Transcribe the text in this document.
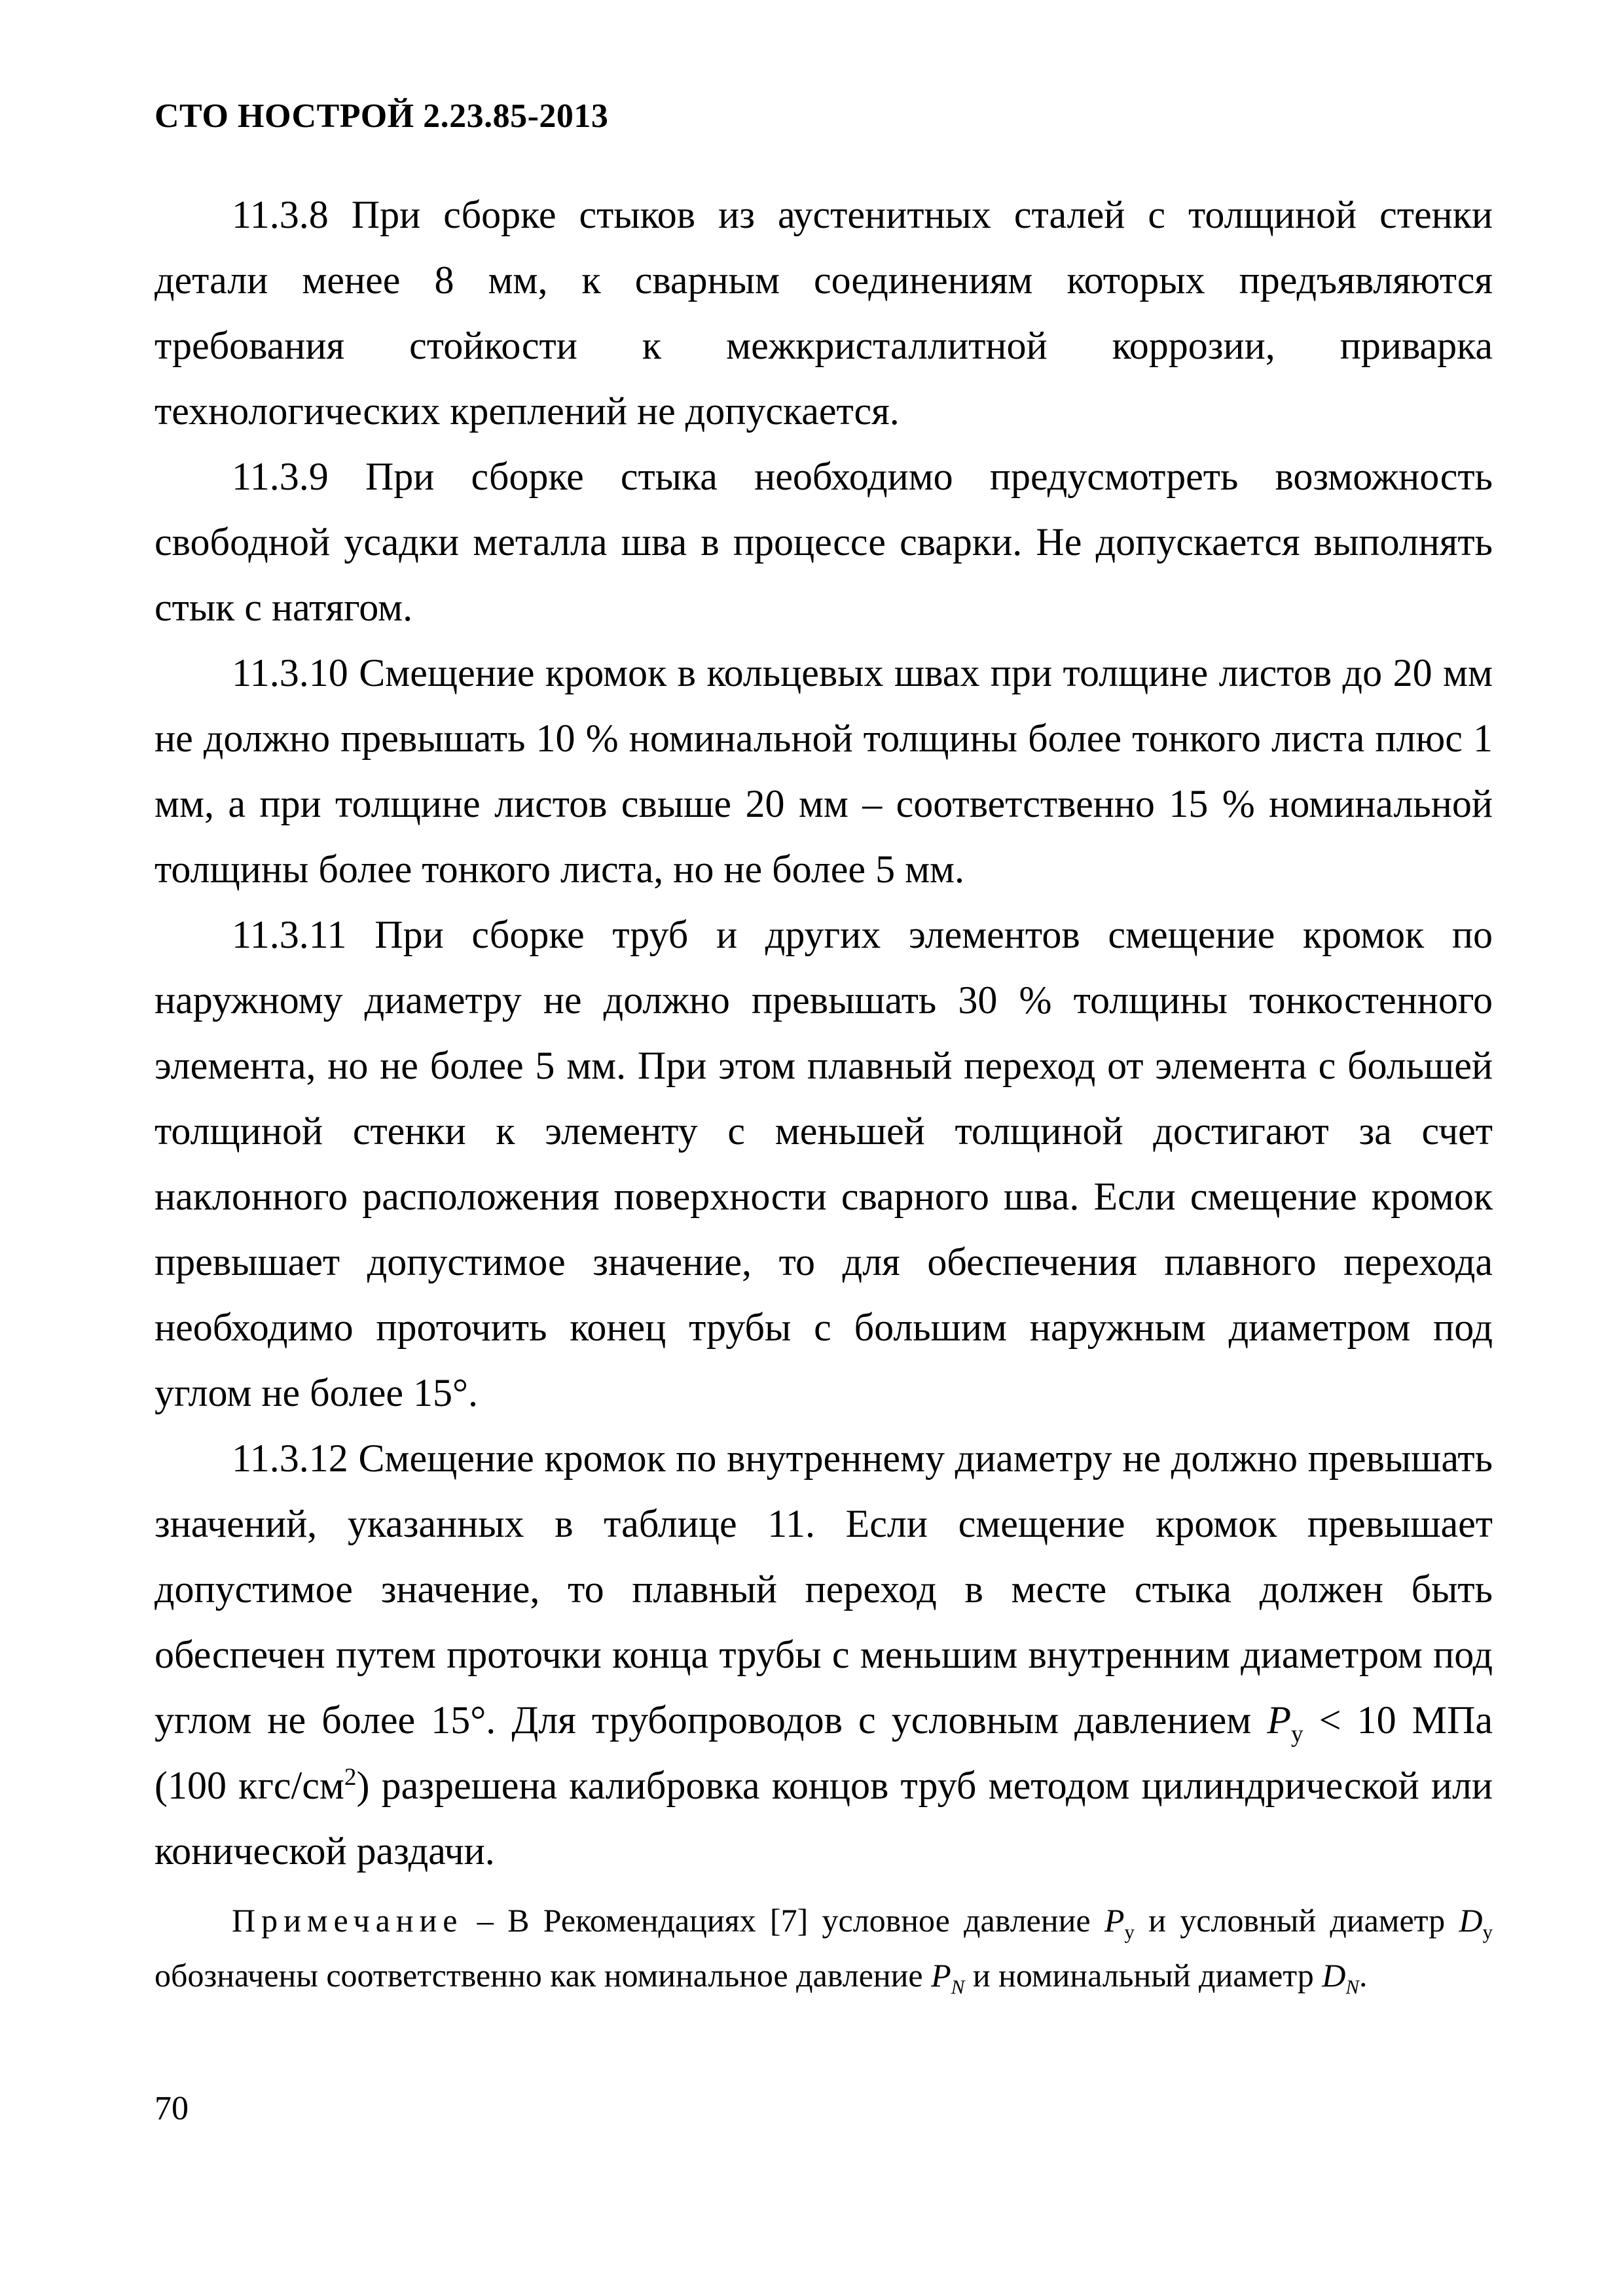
СТО НОСТРОЙ 2.23.85-2013

11.3.8 При сборке стыков из аустенитных сталей с толщиной стенки детали менее 8 мм, к сварным соединениям которых предъявляются требования стойкости к межкристаллитной коррозии, приварка технологических креплений не допускается.

11.3.9 При сборке стыка необходимо предусмотреть возможность свободной усадки металла шва в процессе сварки. Не допускается выполнять стык с натягом.

11.3.10 Смещение кромок в кольцевых швах при толщине листов до 20 мм не должно превышать 10 % номинальной толщины более тонкого листа плюс 1 мм, а при толщине листов свыше 20 мм – соответственно 15 % номинальной толщины более тонкого листа, но не более 5 мм.

11.3.11 При сборке труб и других элементов смещение кромок по наружному диаметру не должно превышать 30 % толщины тонкостенного элемента, но не более 5 мм. При этом плавный переход от элемента с большей толщиной стенки к элементу с меньшей толщиной достигают за счет наклонного расположения поверхности сварного шва. Если смещение кромок превышает допустимое значение, то для обеспечения плавного перехода необходимо проточить конец трубы с большим наружным диаметром под углом не более 15°.

11.3.12 Смещение кромок по внутреннему диаметру не должно превышать значений, указанных в таблице 11. Если смещение кромок превышает допустимое значение, то плавный переход в месте стыка должен быть обеспечен путем проточки конца трубы с меньшим внутренним диаметром под углом не более 15°. Для трубопроводов с условным давлением $P_у < 10$ МПа (100 кгс/$см^2$) разрешена калибровка концов труб методом цилиндрической или конической раздачи.

Примечание – В Рекомендациях [7] условное давление $P_у$ и условный диаметр $D_у$ обозначены соответственно как номинальное давление $P_N$ и номинальный диаметр $D_N$.

70
